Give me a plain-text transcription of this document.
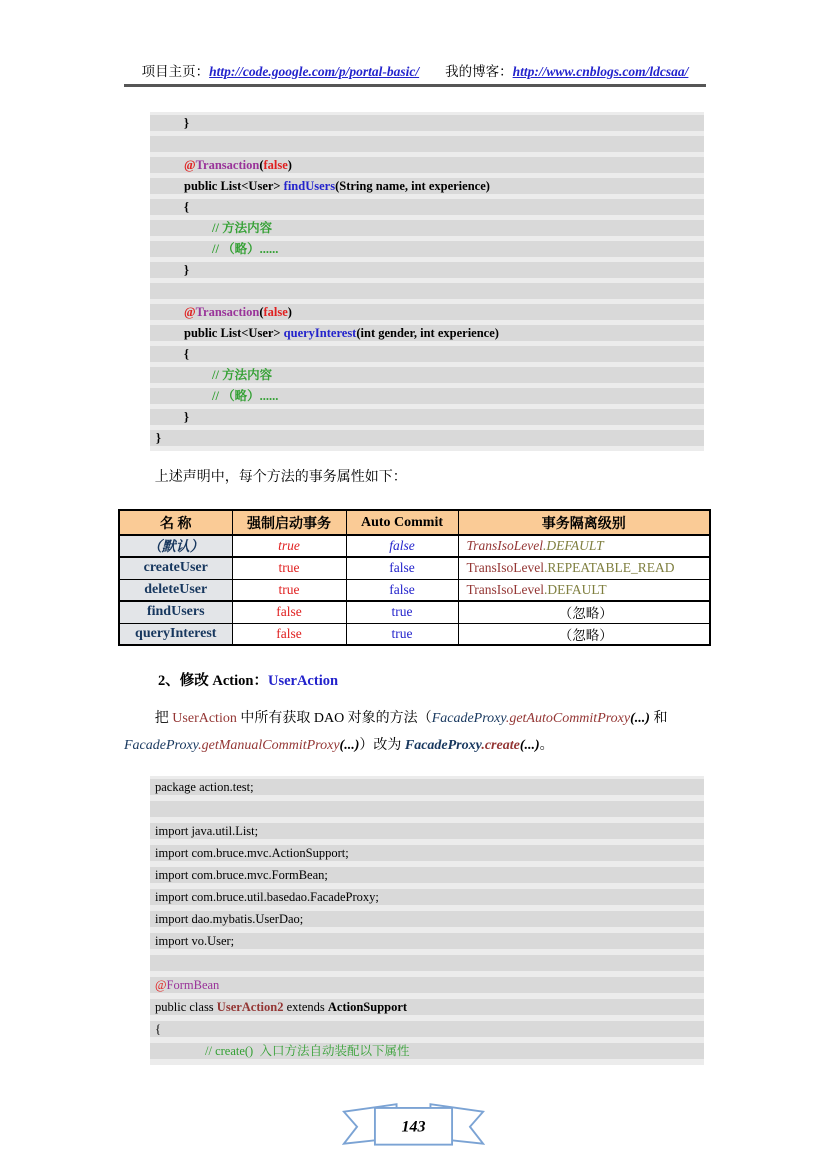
项目主页：http://code.google.com/p/portal-basic/ 我的博客：http://www.cnblogs.com/ldcsaa/
}
@Transaction(false)
public List<User> findUsers(String name, int experience)
{
// 方法内容
// （略）......
}
@Transaction(false)
public List<User> queryInterest(int gender, int experience)
{
// 方法内容
// （略）......
}
}

上述声明中，每个方法的事务属性如下：

名 称	强制启动事务	Auto Commit	事务隔离级别
（默认）	true	false	TransIsoLevel.DEFAULT
createUser	true	false	TransIsoLevel.REPEATABLE_READ
deleteUser	true	false	TransIsoLevel.DEFAULT
findUsers	false	true	（忽略）
queryInterest	false	true	（忽略）
2、修改 Action：UserAction
把 UserAction 中所有获取 DAO 对象的方法（FacadeProxy.getAutoCommitProxy(...) 和
FacadeProxy.getManualCommitProxy(...)）改为 FacadeProxy.create(...)。
package action.test;
import java.util.List;
import com.bruce.mvc.ActionSupport;
import com.bruce.mvc.FormBean;
import com.bruce.util.basedao.FacadeProxy;
import dao.mybatis.UserDao;
import vo.User;
@FormBean
public class UserAction2 extends ActionSupport
{
// create()  入口方法自动装配以下属性
143
